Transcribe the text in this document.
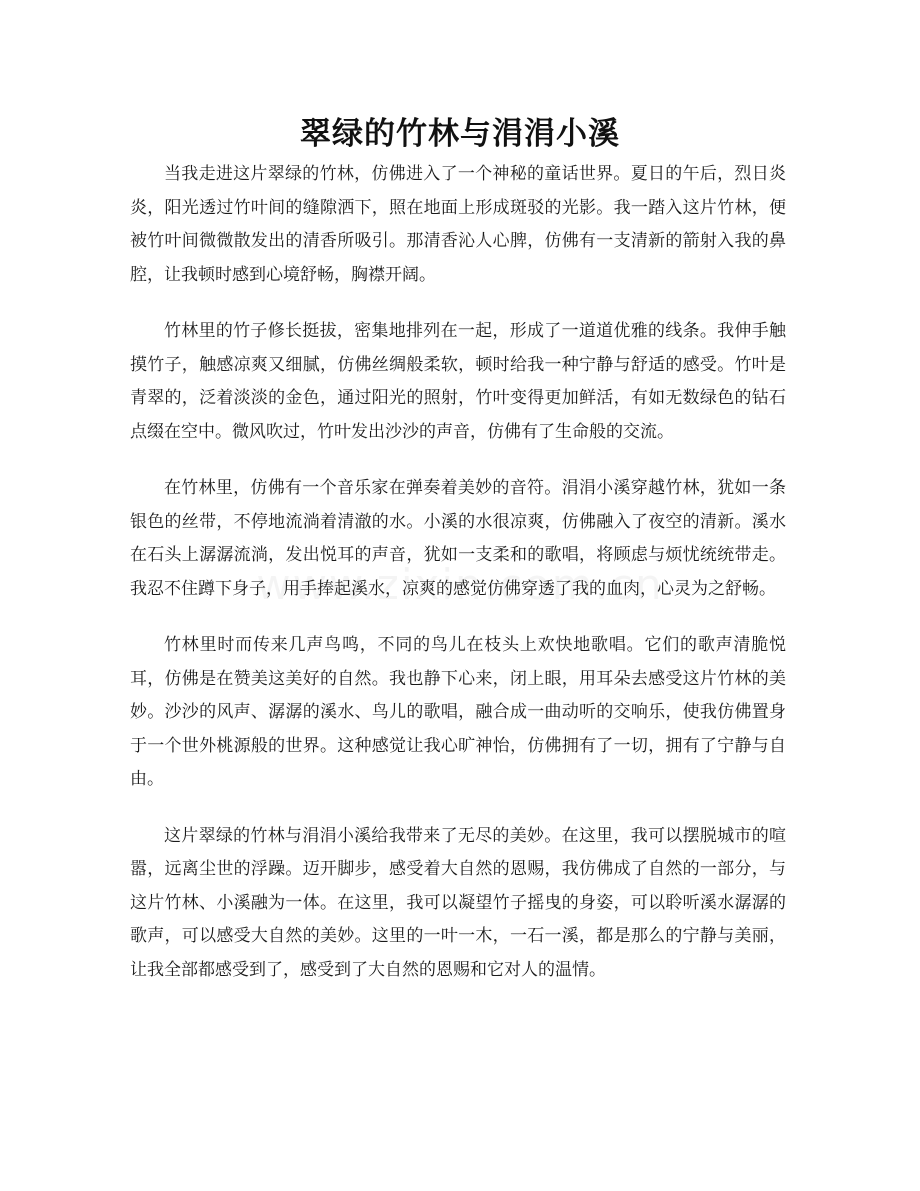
翠绿的竹林与涓涓小溪

当我走进这片翠绿的竹林，仿佛进入了一个神秘的童话世界。夏日的午后，烈日炎炎，阳光透过竹叶间的缝隙洒下，照在地面上形成斑驳的光影。我一踏入这片竹林，便被竹叶间微微散发出的清香所吸引。那清香沁人心脾，仿佛有一支清新的箭射入我的鼻腔，让我顿时感到心境舒畅，胸襟开阔。

竹林里的竹子修长挺拔，密集地排列在一起，形成了一道道优雅的线条。我伸手触摸竹子，触感凉爽又细腻，仿佛丝绸般柔软，顿时给我一种宁静与舒适的感受。竹叶是青翠的，泛着淡淡的金色，通过阳光的照射，竹叶变得更加鲜活，有如无数绿色的钻石点缀在空中。微风吹过，竹叶发出沙沙的声音，仿佛有了生命般的交流。

在竹林里，仿佛有一个音乐家在弹奏着美妙的音符。涓涓小溪穿越竹林，犹如一条银色的丝带，不停地流淌着清澈的水。小溪的水很凉爽，仿佛融入了夜空的清新。溪水在石头上潺潺流淌，发出悦耳的声音，犹如一支柔和的歌唱，将顾虑与烦忧统统带走。我忍不住蹲下身子，用手捧起溪水，凉爽的感觉仿佛穿透了我的血肉，心灵为之舒畅。

竹林里时而传来几声鸟鸣，不同的鸟儿在枝头上欢快地歌唱。它们的歌声清脆悦耳，仿佛是在赞美这美好的自然。我也静下心来，闭上眼，用耳朵去感受这片竹林的美妙。沙沙的风声、潺潺的溪水、鸟儿的歌唱，融合成一曲动听的交响乐，使我仿佛置身于一个世外桃源般的世界。这种感觉让我心旷神怡，仿佛拥有了一切，拥有了宁静与自由。

这片翠绿的竹林与涓涓小溪给我带来了无尽的美妙。在这里，我可以摆脱城市的喧嚣，远离尘世的浮躁。迈开脚步，感受着大自然的恩赐，我仿佛成了自然的一部分，与这片竹林、小溪融为一体。在这里，我可以凝望竹子摇曳的身姿，可以聆听溪水潺潺的歌声，可以感受大自然的美妙。这里的一叶一木，一石一溪，都是那么的宁静与美丽，让我全部都感受到了，感受到了大自然的恩赐和它对人的温情。
